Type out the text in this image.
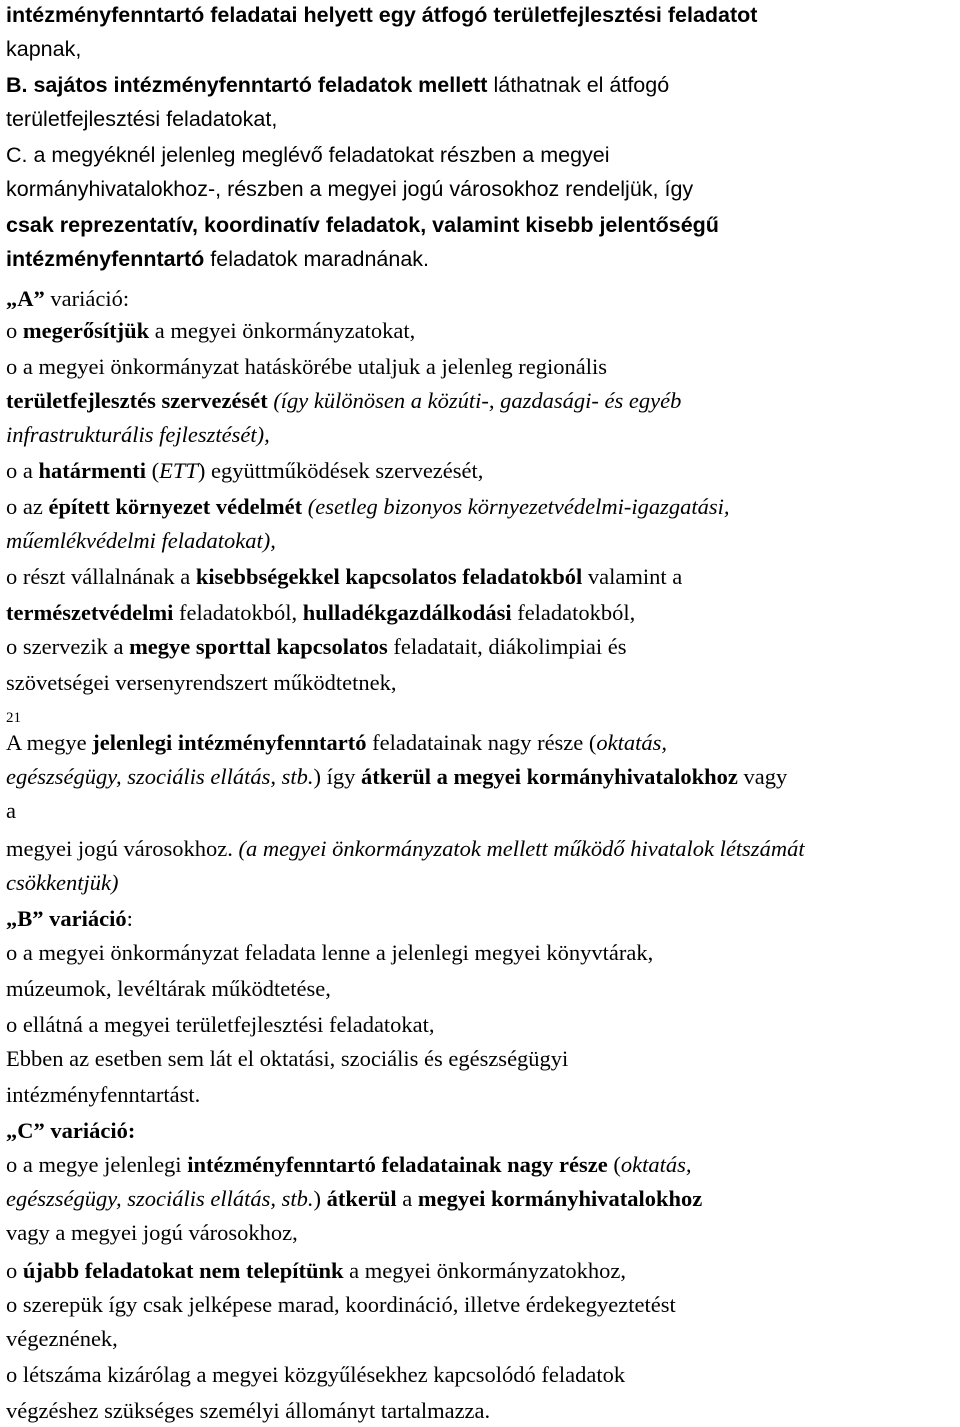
intézményfenntartó feladatai helyett egy átfogó területfejlesztési feladatot
kapnak,
B. sajátos intézményfenntartó feladatok mellett láthatnak el átfogó
területfejlesztési feladatokat,
C. a megyéknél jelenleg meglévő feladatokat részben a megyei
kormányhivatalokhoz-, részben a megyei jogú városokhoz rendeljük, így
csak reprezentatív, koordinatív feladatok, valamint kisebb jelentőségű
intézményfenntartó feladatok maradnának.
„A” variáció:
o megerősítjük a megyei önkormányzatokat,
o a megyei önkormányzat hatáskörébe utaljuk a jelenleg regionális
területfejlesztés szervezését (így különösen a közúti-, gazdasági- és egyéb
infrastrukturális fejlesztését),
o a határmenti (ETT) együttműködések szervezését,
o az épített környezet védelmét (esetleg bizonyos környezetvédelmi-igazgatási,
műemlékvédelmi feladatokat),
o részt vállalnának a kisebbségekkel kapcsolatos feladatokból valamint a
természetvédelmi feladatokból, hulladékgazdálkodási feladatokból,
o szervezik a megye sporttal kapcsolatos feladatait, diákolimpiai és
szövetségei versenyrendszert működtetnek,
21
A megye jelenlegi intézményfenntartó feladatainak nagy része (oktatás,
egészségügy, szociális ellátás, stb.) így átkerül a megyei kormányhivatalokhoz vagy
a
megyei jogú városokhoz. (a megyei önkormányzatok mellett működő hivatalok létszámát
csökkentjük)
„B” variáció:
o a megyei önkormányzat feladata lenne a jelenlegi megyei könyvtárak,
múzeumok, levéltárak működtetése,
o ellátná a megyei területfejlesztési feladatokat,
Ebben az esetben sem lát el oktatási, szociális és egészségügyi
intézményfenntartást.
„C” variáció:
o a megye jelenlegi intézményfenntartó feladatainak nagy része (oktatás,
egészségügy, szociális ellátás, stb.) átkerül a megyei kormányhivatalokhoz
vagy a megyei jogú városokhoz,
o újabb feladatokat nem telepítünk a megyei önkormányzatokhoz,
o szerepük így csak jelképese marad, koordináció, illetve érdekegyeztetést
végeznének,
o létszáma kizárólag a megyei közgyűlésekhez kapcsolódó feladatok
végzéshez szükséges személyi állományt tartalmazza.
